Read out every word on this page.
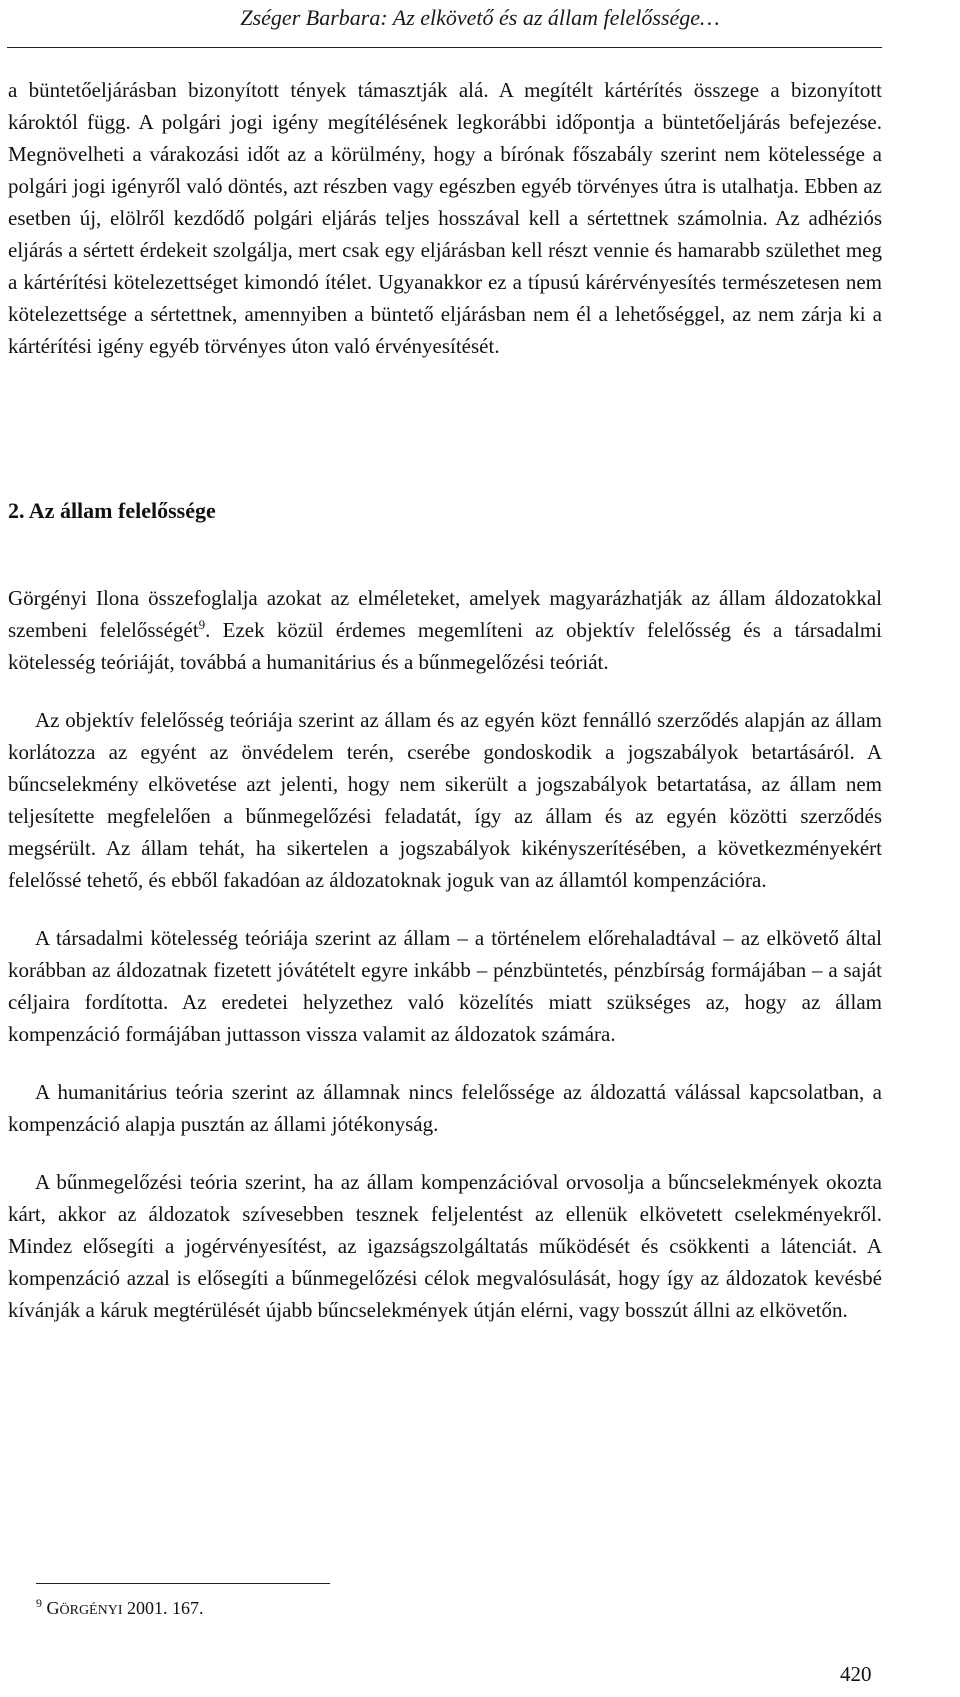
Zséger Barbara: Az elkövető és az állam felelőssége…

a büntetőeljárásban bizonyított tények támasztják alá. A megítélt kártérítés összege a bizonyított károktól függ. A polgári jogi igény megítélésének legkorábbi időpontja a büntetőeljárás befejezése. Megnövelheti a várakozási időt az a körülmény, hogy a bírónak főszabály szerint nem kötelessége a polgári jogi igényről való döntés, azt részben vagy egészben egyéb törvényes útra is utalhatja. Ebben az esetben új, elölről kezdődő polgári eljárás teljes hosszával kell a sértettnek számolnia. Az adhéziós eljárás a sértett érdekeit szolgálja, mert csak egy eljárásban kell részt vennie és hamarabb születhet meg a kártérítési kötelezettséget kimondó ítélet. Ugyanakkor ez a típusú kárérvényesítés természetesen nem kötelezettsége a sértettnek, amennyiben a büntető eljárásban nem él a lehetőséggel, az nem zárja ki a kártérítési igény egyéb törvényes úton való érvényesítését.

2. Az állam felelőssége

Görgényi Ilona összefoglalja azokat az elméleteket, amelyek magyarázhatják az állam áldozatokkal szembeni felelősségét$^9$. Ezek közül érdemes megemlíteni az objektív felelősség és a társadalmi kötelesség teóriáját, továbbá a humanitárius és a bűnmegelőzési teóriát.

Az objektív felelősség teóriája szerint az állam és az egyén közt fennálló szerződés alapján az állam korlátozza az egyént az önvédelem terén, cserébe gondoskodik a jogszabályok betartásáról. A bűncselekmény elkövetése azt jelenti, hogy nem sikerült a jogszabályok betartatása, az állam nem teljesítette megfelelően a bűnmegelőzési feladatát, így az állam és az egyén közötti szerződés megsérült. Az állam tehát, ha sikertelen a jogszabályok kikényszerítésében, a következményekért felelőssé tehető, és ebből fakadóan az áldozatoknak joguk van az államtól kompenzációra.

A társadalmi kötelesség teóriája szerint az állam – a történelem előrehaladtával – az elkövető által korábban az áldozatnak fizetett jóvátételt egyre inkább – pénzbüntetés, pénzbírság formájában – a saját céljaira fordította. Az eredetei helyzethez való közelítés miatt szükséges az, hogy az állam kompenzáció formájában juttasson vissza valamit az áldozatok számára.

A humanitárius teória szerint az államnak nincs felelőssége az áldozattá válással kapcsolatban, a kompenzáció alapja pusztán az állami jótékonyság.

A bűnmegelőzési teória szerint, ha az állam kompenzációval orvosolja a bűncselekmények okozta kárt, akkor az áldozatok szívesebben tesznek feljelentést az ellenük elkövetett cselekményekről. Mindez elősegíti a jogérvényesítést, az igazságszolgáltatás működését és csökkenti a látenciát. A kompenzáció azzal is elősegíti a bűnmegelőzési célok megvalósulását, hogy így az áldozatok kevésbé kívánják a káruk megtérülését újabb bűncselekmények útján elérni, vagy bosszút állni az elkövetőn.

$^9$ GÖRGÉNYI 2001. 167.
420
